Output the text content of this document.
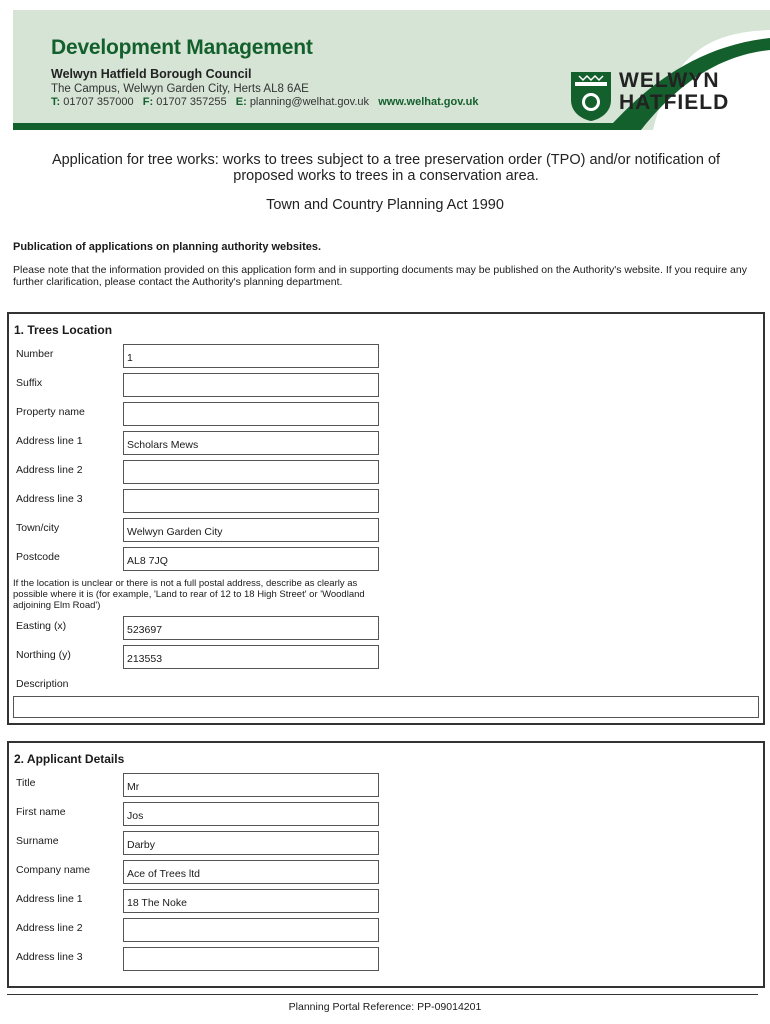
Development Management
Welwyn Hatfield Borough Council
The Campus, Welwyn Garden City, Herts AL8 6AE
T: 01707 357000 F: 01707 357255 E: planning@welhat.gov.uk www.welhat.gov.uk
WELWYN
HATFIELD
Application for tree works: works to trees subject to a tree preservation order (TPO) and/or notification of proposed works to trees in a conservation area.
Town and Country Planning Act 1990
Publication of applications on planning authority websites.
Please note that the information provided on this application form and in supporting documents may be published on the Authority's website. If you require any further clarification, please contact the Authority's planning department.
1. Trees Location
Number	1
Suffix
Property name
Address line 1	Scholars Mews
Address line 2
Address line 3
Town/city	Welwyn Garden City
Postcode	AL8 7JQ
If the location is unclear or there is not a full postal address, describe as clearly as possible where it is (for example, 'Land to rear of 12 to 18 High Street' or 'Woodland adjoining Elm Road')
Easting (x)	523697
Northing (y)	213553
Description
2. Applicant Details
Title	Mr
First name	Jos
Surname	Darby
Company name	Ace of Trees ltd
Address line 1	18 The Noke
Address line 2
Address line 3
Planning Portal Reference: PP-09014201
